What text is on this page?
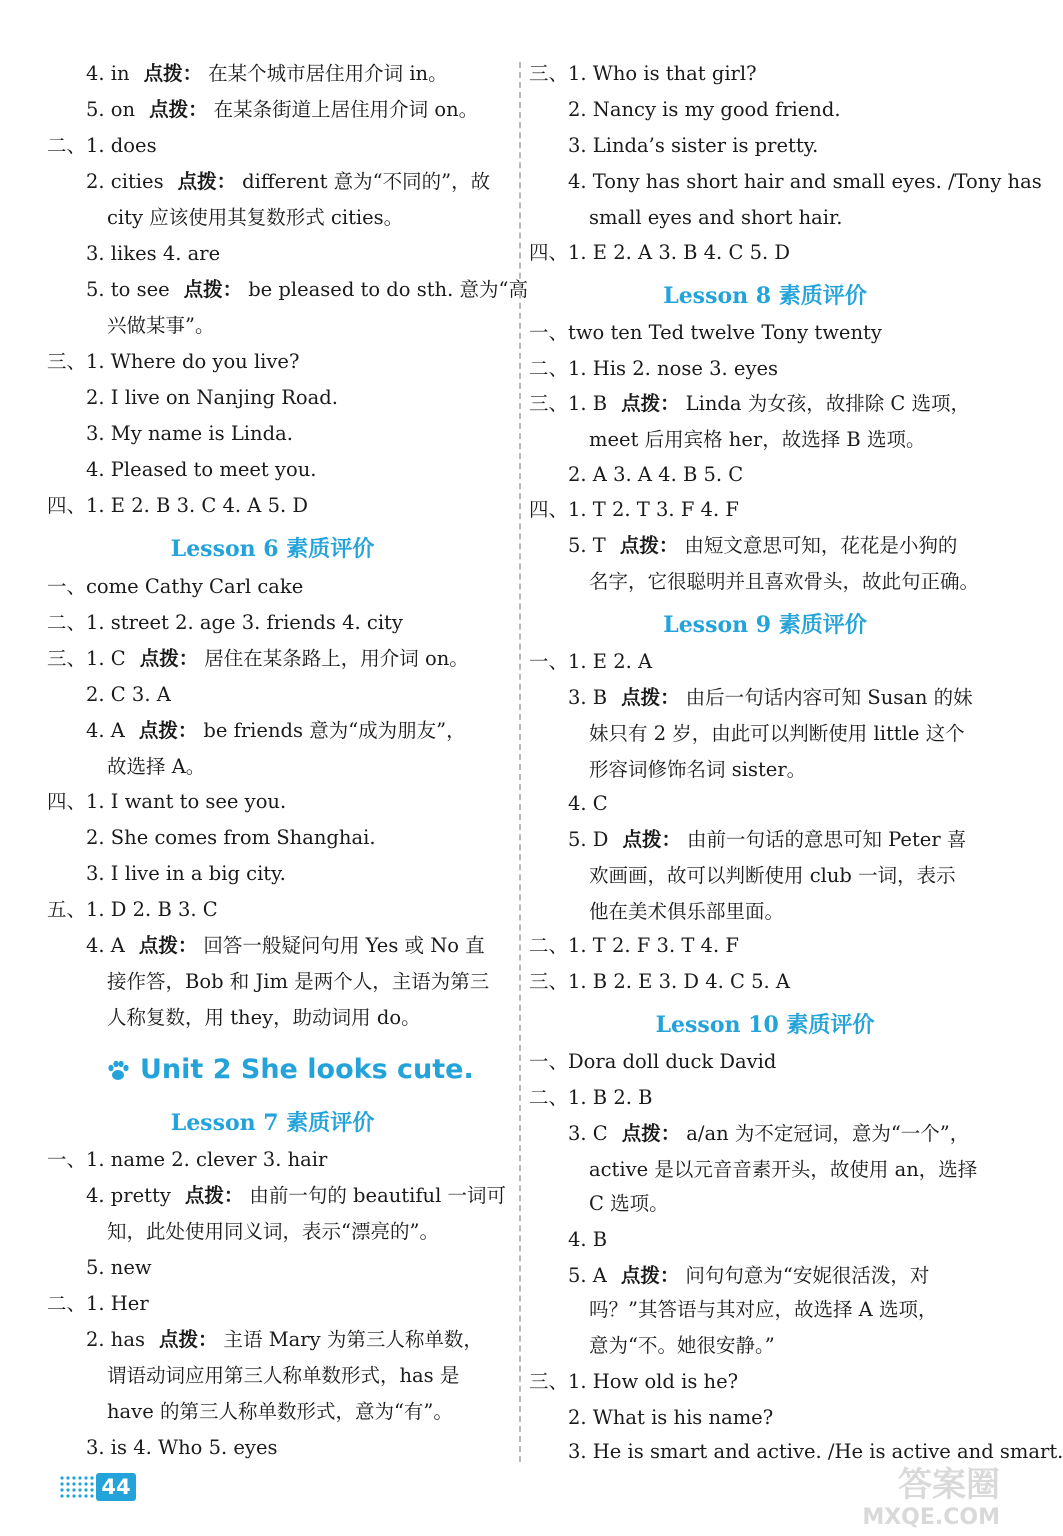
4. in 点拨： 在某个城市居住用介词 in。
5. on 点拨： 在某条街道上居住用介词 on。
二、1. does
2. cities 点拨： different 意为“不同的”，故
city 应该使用其复数形式 cities。
3. likes 4. are
5. to see 点拨： be pleased to do sth. 意为“高
兴做某事”。
三、1. Where do you live?
2. I live on Nanjing Road.
3. My name is Linda.
4. Pleased to meet you.
四、1. E 2. B 3. C 4. A 5. D
一、come Cathy Carl cake
二、1. street 2. age 3. friends 4. city
三、1. C 点拨： 居住在某条路上，用介词 on。
2. C 3. A
4. A 点拨： be friends 意为“成为朋友”，
故选择 A。
四、1. I want to see you.
2. She comes from Shanghai.
3. I live in a big city.
五、1. D 2. B 3. C
4. A 点拨： 回答一般疑问句用 Yes 或 No 直
接作答，Bob 和 Jim 是两个人，主语为第三
人称复数，用 they，助动词用 do。
一、1. name 2. clever 3. hair
4. pretty 点拨： 由前一句的 beautiful 一词可
知，此处使用同义词，表示“漂亮的”。
5. new
二、1. Her
2. has 点拨： 主语 Mary 为第三人称单数，
谓语动词应用第三人称单数形式，has 是
have 的第三人称单数形式，意为“有”。
3. is 4. Who 5. eyes
Lesson 6 素质评价
Lesson 7 素质评价
三、1. Who is that girl?
2. Nancy is my good friend.
3. Linda’s sister is pretty.
4. Tony has short hair and small eyes. /Tony has
small eyes and short hair.
四、1. E 2. A 3. B 4. C 5. D
一、two ten Ted twelve Tony twenty
二、1. His 2. nose 3. eyes
三、1. B 点拨： Linda 为女孩，故排除 C 选项，
meet 后用宾格 her，故选择 B 选项。
2. A 3. A 4. B 5. C
四、1. T 2. T 3. F 4. F
5. T 点拨： 由短文意思可知，花花是小狗的
名字，它很聪明并且喜欢骨头，故此句正确。
一、1. E 2. A
3. B 点拨： 由后一句话内容可知 Susan 的妹
妹只有 2 岁，由此可以判断使用 little 这个
形容词修饰名词 sister。
4. C
5. D 点拨： 由前一句话的意思可知 Peter 喜
欢画画，故可以判断使用 club 一词，表示
他在美术俱乐部里面。
二、1. T 2. F 3. T 4. F
三、1. B 2. E 3. D 4. C 5. A
一、Dora doll duck David
二、1. B 2. B
3. C 点拨： a/an 为不定冠词，意为“一个”，
active 是以元音音素开头，故使用 an，选择
C 选项。
4. B
5. A 点拨： 问句句意为“安妮很活泼，对
吗？”其答语与其对应，故选择 A 选项，
意为“不。她很安静。”
三、1. How old is he?
2. What is his name?
3. He is smart and active. /He is active and smart.
Lesson 8 素质评价
Lesson 9 素质评价
Lesson 10 素质评价
Unit 2 She looks cute.
44	答案圈
MXQE.COM
